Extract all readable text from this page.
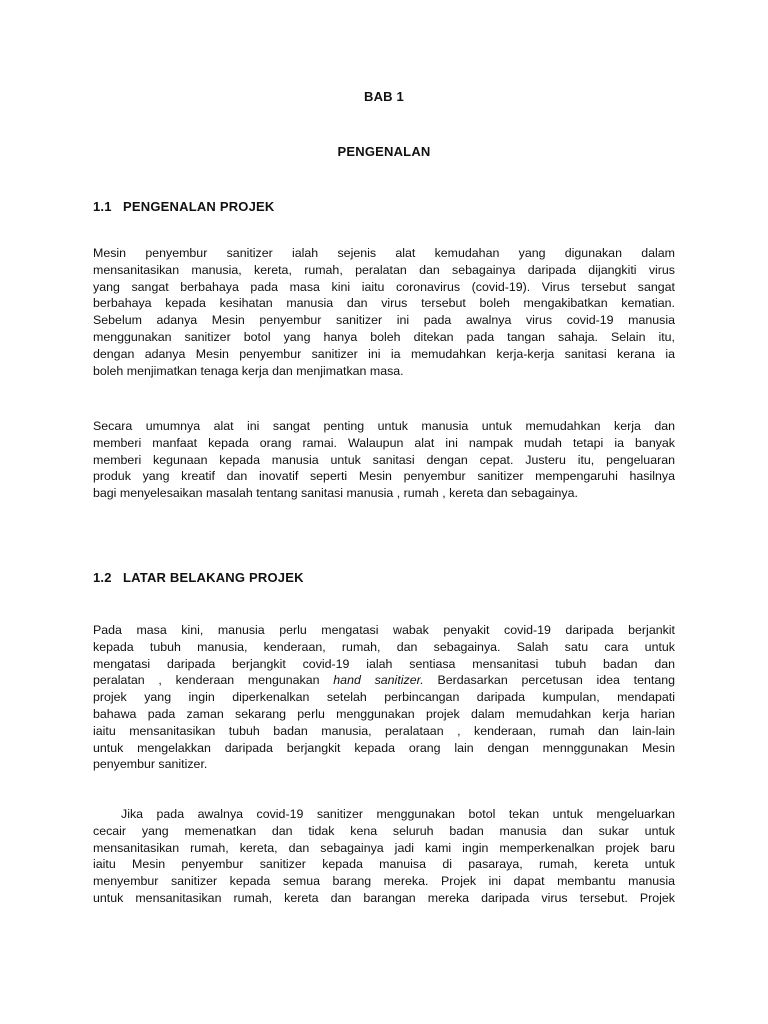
BAB 1
PENGENALAN
1.1 PENGENALAN PROJEK
Mesin penyembur sanitizer ialah sejenis alat kemudahan yang digunakan dalam
mensanitasikan manusia, kereta, rumah, peralatan dan sebagainya daripada dijangkiti virus
yang sangat berbahaya pada masa kini iaitu coronavirus (covid-19). Virus tersebut sangat
berbahaya kepada kesihatan manusia dan virus tersebut boleh mengakibatkan kematian.
Sebelum adanya Mesin penyembur sanitizer ini pada awalnya virus covid-19 manusia
menggunakan sanitizer botol yang hanya boleh ditekan pada tangan sahaja. Selain itu,
dengan adanya Mesin penyembur sanitizer ini ia memudahkan kerja-kerja sanitasi kerana ia
boleh menjimatkan tenaga kerja dan menjimatkan masa.
Secara umumnya alat ini sangat penting untuk manusia untuk memudahkan kerja dan
memberi manfaat kepada orang ramai. Walaupun alat ini nampak mudah tetapi ia banyak
memberi kegunaan kepada manusia untuk sanitasi dengan cepat. Justeru itu, pengeluaran
produk yang kreatif dan inovatif seperti Mesin penyembur sanitizer mempengaruhi hasilnya
bagi menyelesaikan masalah tentang sanitasi manusia , rumah , kereta dan sebagainya.
1.2 LATAR BELAKANG PROJEK
Pada masa kini, manusia perlu mengatasi wabak penyakit covid-19 daripada berjankit
kepada tubuh manusia, kenderaan, rumah, dan sebagainya. Salah satu cara untuk
mengatasi daripada berjangkit covid-19 ialah sentiasa mensanitasi tubuh badan dan
peralatan , kenderaan mengunakan hand sanitizer. Berdasarkan percetusan idea tentang
projek yang ingin diperkenalkan setelah perbincangan daripada kumpulan, mendapati
bahawa pada zaman sekarang perlu menggunakan projek dalam memudahkan kerja harian
iaitu mensanitasikan tubuh badan manusia, peralataan , kenderaan, rumah dan lain-lain
untuk mengelakkan daripada berjangkit kepada orang lain dengan mennggunakan Mesin
penyembur sanitizer.
Jika pada awalnya covid-19 sanitizer menggunakan botol tekan untuk mengeluarkan
cecair yang memenatkan dan tidak kena seluruh badan manusia dan sukar untuk
mensanitasikan rumah, kereta, dan sebagainya jadi kami ingin memperkenalkan projek baru
iaitu Mesin penyembur sanitizer kepada manuisa di pasaraya, rumah, kereta untuk
menyembur sanitizer kepada semua barang mereka. Projek ini dapat membantu manusia
untuk mensanitasikan rumah, kereta dan barangan mereka daripada virus tersebut. Projek
